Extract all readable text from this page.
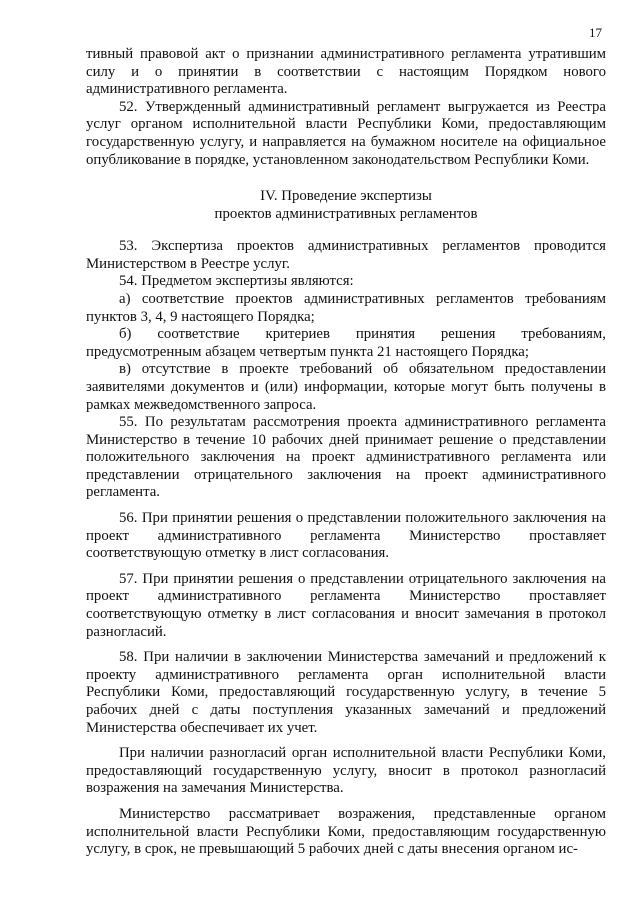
17

тивный правовой акт о признании административного регламента утратившим силу и о принятии в соответствии с настоящим Порядком нового административного регламента.

52. Утвержденный административный регламент выгружается из Реестра услуг органом исполнительной власти Республики Коми, предоставляющим государственную услугу, и направляется на бумажном носителе на официальное опубликование в порядке, установленном законодательством Республики Коми.

IV. Проведение экспертизы
проектов административных регламентов

53. Экспертиза проектов административных регламентов проводится Министерством в Реестре услуг.

54. Предметом экспертизы являются:

а) соответствие проектов административных регламентов требованиям пунктов 3, 4, 9 настоящего Порядка;

б) соответствие критериев принятия решения требованиям, предусмотренным абзацем четвертым пункта 21 настоящего Порядка;

в) отсутствие в проекте требований об обязательном предоставлении заявителями документов и (или) информации, которые могут быть получены в рамках межведомственного запроса.

55. По результатам рассмотрения проекта административного регламента Министерство в течение 10 рабочих дней принимает решение о представлении положительного заключения на проект административного регламента или представлении отрицательного заключения на проект административного регламента.

56. При принятии решения о представлении положительного заключения на проект административного регламента Министерство проставляет соответствующую отметку в лист согласования.

57. При принятии решения о представлении отрицательного заключения на проект административного регламента Министерство проставляет соответствующую отметку в лист согласования и вносит замечания в протокол разногласий.

58. При наличии в заключении Министерства замечаний и предложений к проекту административного регламента орган исполнительной власти Республики Коми, предоставляющий государственную услугу, в течение 5 рабочих дней с даты поступления указанных замечаний и предложений Министерства обеспечивает их учет.

При наличии разногласий орган исполнительной власти Республики Коми, предоставляющий государственную услугу, вносит в протокол разногласий возражения на замечания Министерства.

Министерство рассматривает возражения, представленные органом исполнительной власти Республики Коми, предоставляющим государственную услугу, в срок, не превышающий 5 рабочих дней с даты внесения органом ис-
